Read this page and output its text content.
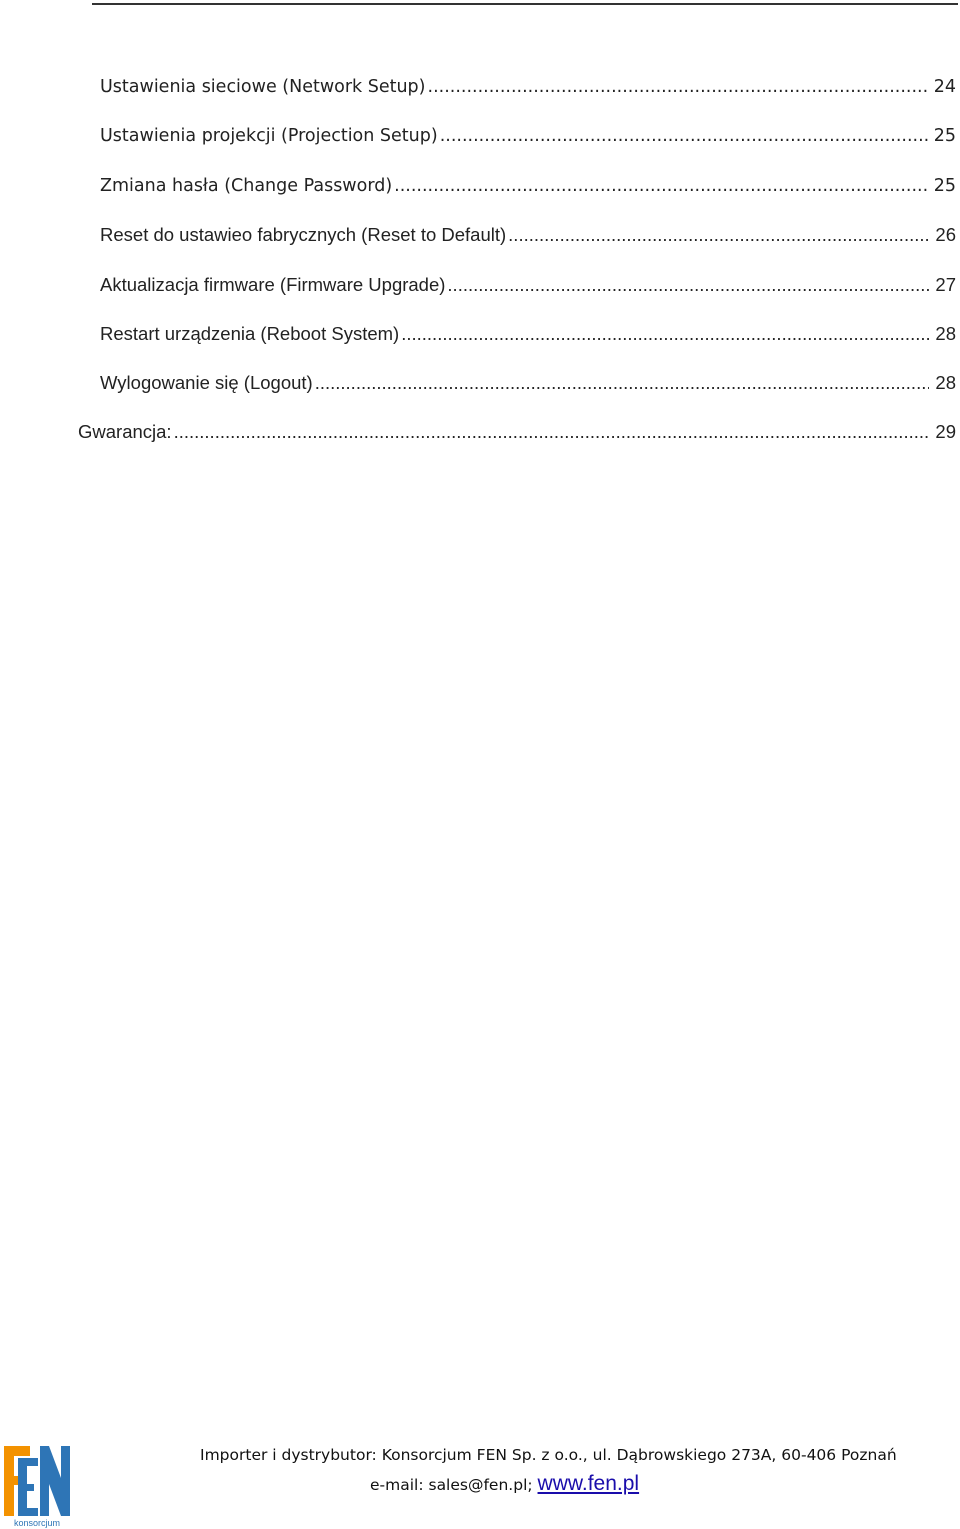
Ustawienia sieciowe (Network Setup) .....	24
Ustawienia projekcji (Projection Setup) .....	25
Zmiana hasła (Change Password) .....	25
Reset do ustawieo fabrycznych (Reset to Default) .....	26
Aktualizacja firmware (Firmware Upgrade) .....	27
Restart urządzenia (Reboot System) .....	28
Wylogowanie się (Logout) .....	28
Gwarancja: .....	29
konsorcjum
Importer i dystrybutor: Konsorcjum FEN Sp. z o.o., ul. Dąbrowskiego 273A, 60-406 Poznań
e-mail: sales@fen.pl; www.fen.pl
